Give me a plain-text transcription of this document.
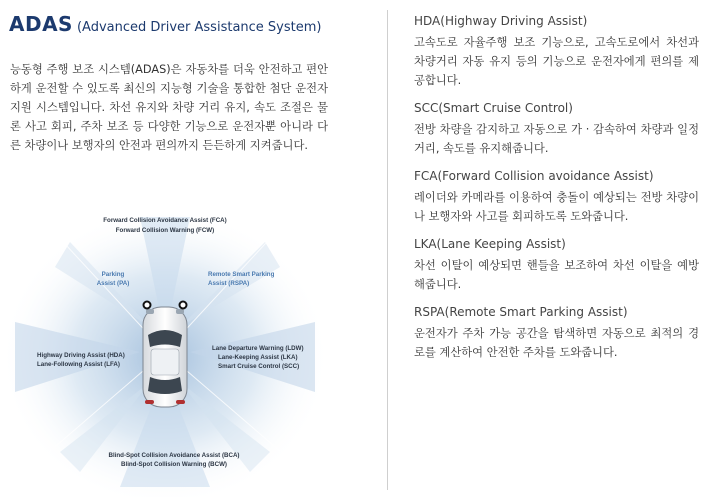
ADAS (Advanced Driver Assistance System)
능동형 주행 보조 시스템(ADAS)은 자동차를 더욱 안전하고 편안하게 운전할 수 있도록 최신의 지능형 기술을 통합한 첨단 운전자 지원 시스템입니다. 차선 유지와 차량 거리 유지, 속도 조절은 물론 사고 회피, 주차 보조 등 다양한 기능으로 운전자뿐 아니라 다른 차량이나 보행자의 안전과 편의까지 든든하게 지켜줍니다.
Forward Collision Avoidance Assist (FCA)
Forward Collision Warning (FCW)
Parking
Assist (PA)
Remote Smart Parking
Assist (RSPA)
Highway Driving Assist (HDA)
Lane-Following Assist (LFA)
Lane Departure Warning (LDW)
Lane-Keeping Assist (LKA)
Smart Cruise Control (SCC)
Blind-Spot Collision Avoidance Assist (BCA)
Blind-Spot Collision Warning (BCW)
HDA(Highway Driving Assist)
고속도로 자율주행 보조 기능으로, 고속도로에서 차선과 차량거리 자동 유지 등의 기능으로 운전자에게 편의를 제공합니다.
SCC(Smart Cruise Control)
전방 차량을 감지하고 자동으로 가 · 감속하여 차량과 일정 거리, 속도를 유지해줍니다.
FCA(Forward Collision avoidance Assist)
레이더와 카메라를 이용하여 충돌이 예상되는 전방 차량이나 보행자와 사고를 회피하도록 도와줍니다.
LKA(Lane Keeping Assist)
차선 이탈이 예상되면 핸들을 보조하여 차선 이탈을 예방해줍니다.
RSPA(Remote Smart Parking Assist)
운전자가 주차 가능 공간을 탐색하면 자동으로 최적의 경로를 계산하여 안전한 주차를 도와줍니다.
